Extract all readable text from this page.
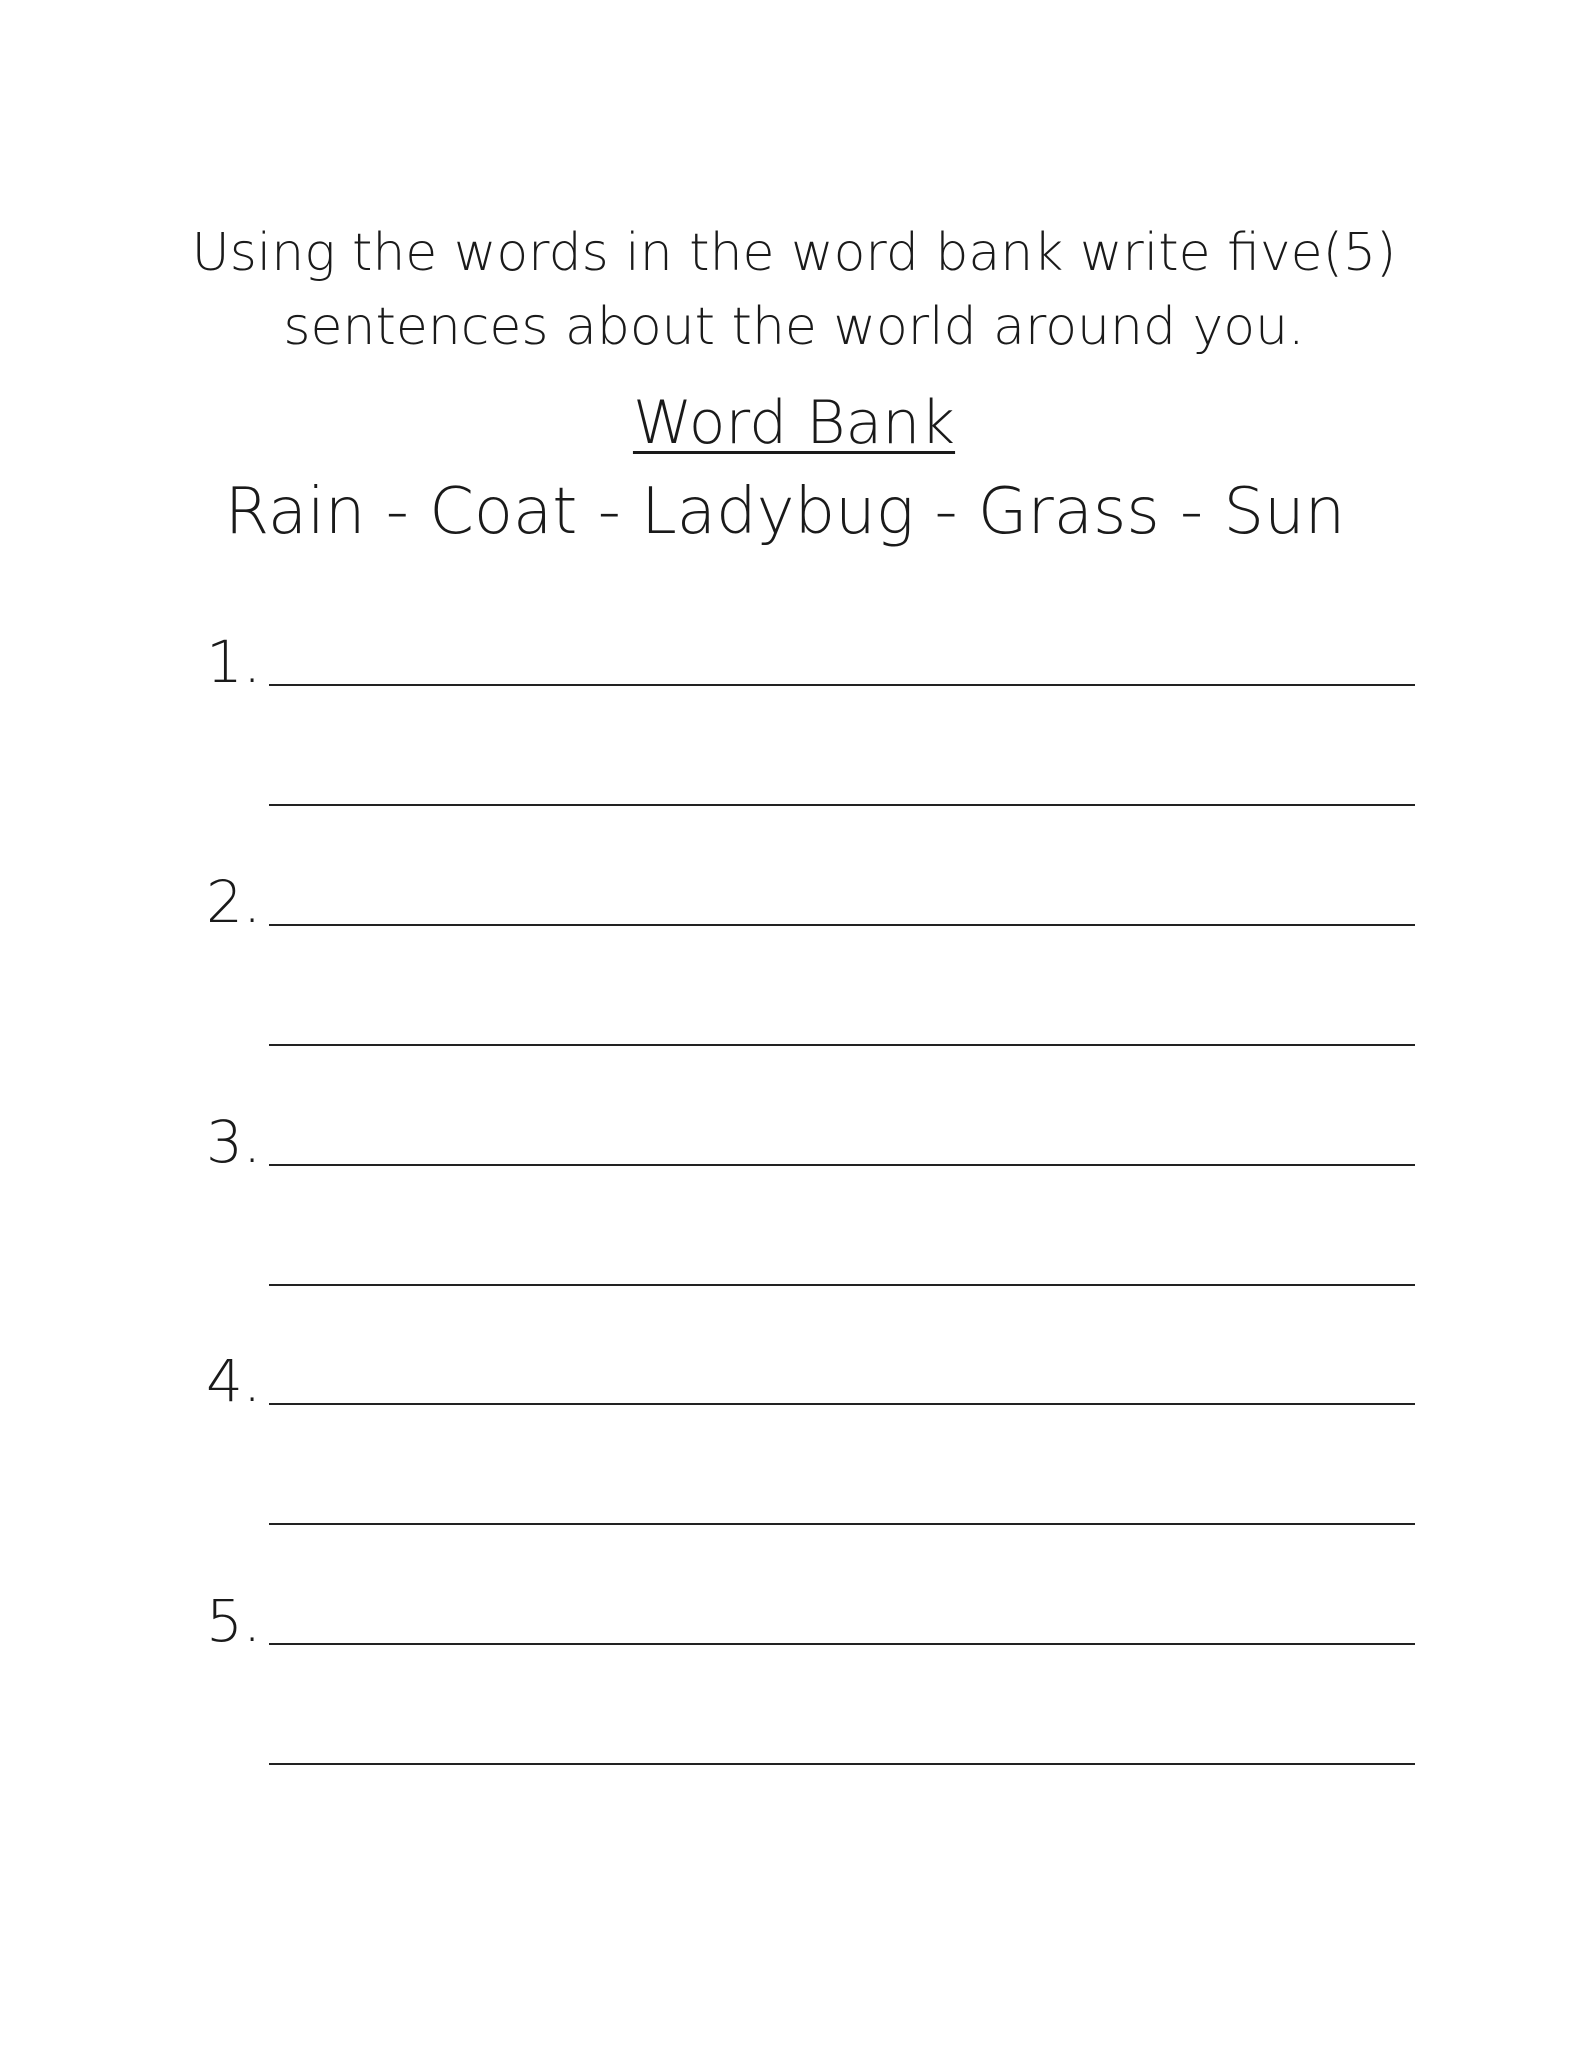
Using the words in the word bank write five(5)
sentences about the world around you.
Word Bank
Rain - Coat - Ladybug - Grass - Sun
1.
2.
3.
4.
5.
